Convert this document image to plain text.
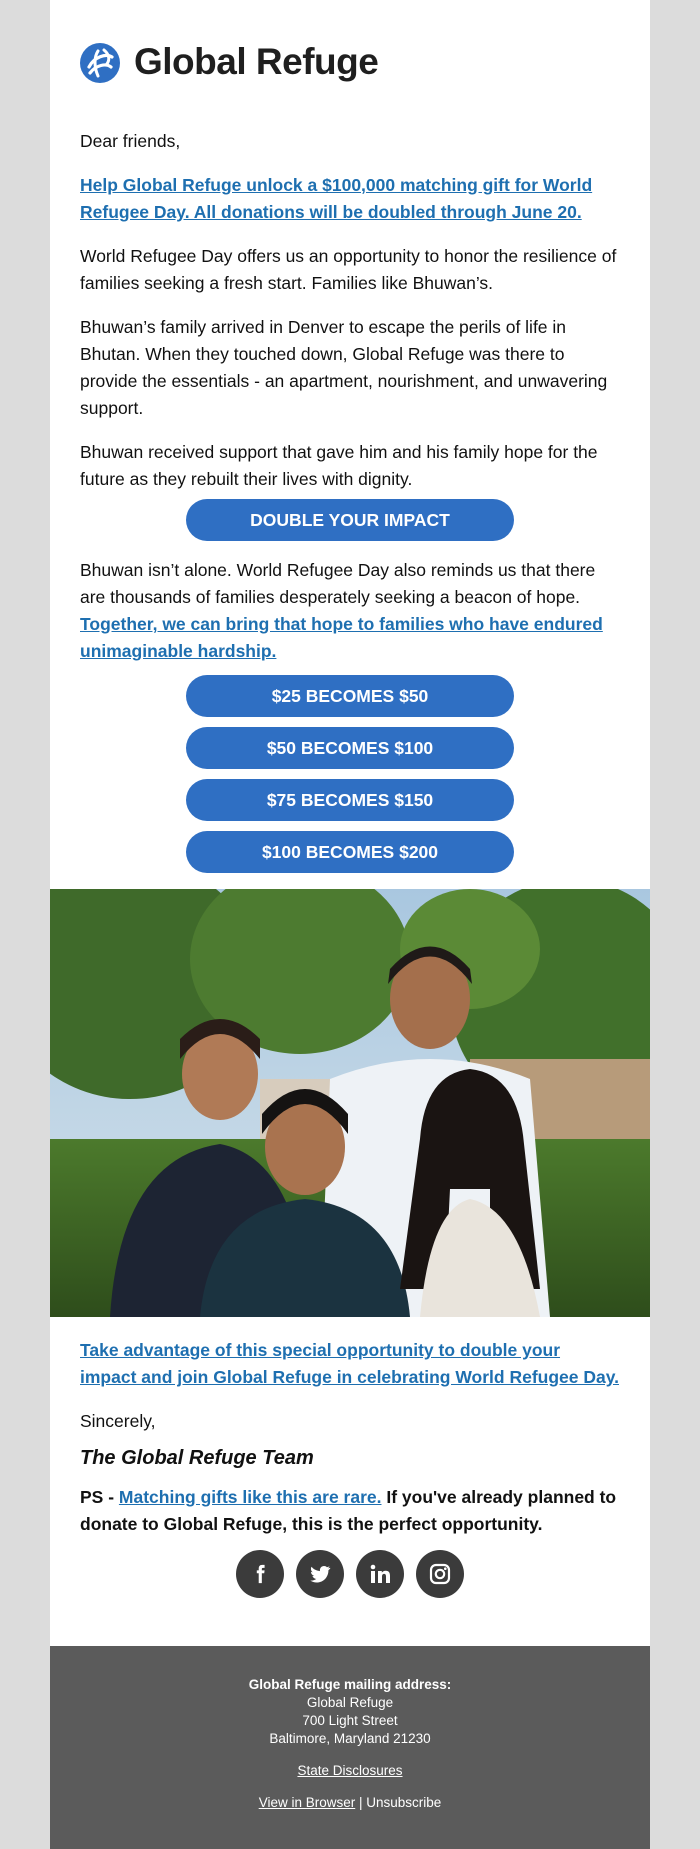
Global Refuge

Dear friends,

Help Global Refuge unlock a $100,000 matching gift for World Refugee Day. All donations will be doubled through June 20.

World Refugee Day offers us an opportunity to honor the resilience of families seeking a fresh start. Families like Bhuwan’s.

Bhuwan’s family arrived in Denver to escape the perils of life in Bhutan. When they touched down, Global Refuge was there to provide the essentials - an apartment, nourishment, and unwavering support.

Bhuwan received support that gave him and his family hope for the future as they rebuilt their lives with dignity.

DOUBLE YOUR IMPACT

Bhuwan isn’t alone. World Refugee Day also reminds us that there are thousands of families desperately seeking a beacon of hope. Together, we can bring that hope to families who have endured unimaginable hardship.

$25 BECOMES $50
$50 BECOMES $100
$75 BECOMES $150
$100 BECOMES $200

Take advantage of this special opportunity to double your impact and join Global Refuge in celebrating World Refugee Day.

Sincerely,

The Global Refuge Team

PS - Matching gifts like this are rare. If you've already planned to donate to Global Refuge, this is the perfect opportunity.

Global Refuge mailing address:
Global Refuge
700 Light Street
Baltimore, Maryland 21230
State Disclosures
View in Browser | Unsubscribe
